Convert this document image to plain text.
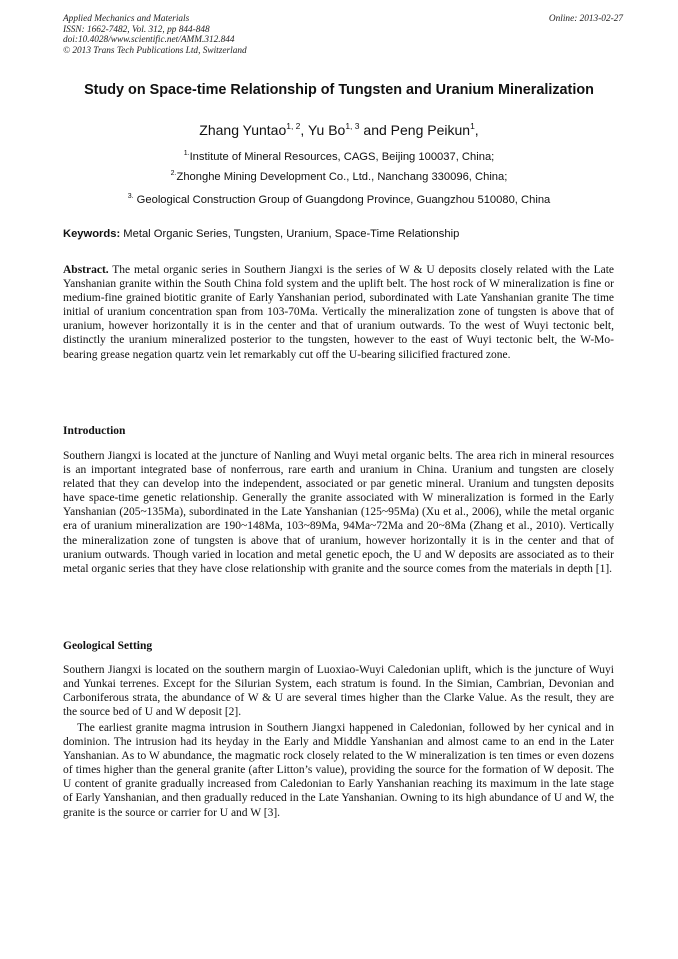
Applied Mechanics and Materials
ISSN: 1662-7482, Vol. 312, pp 844-848
doi:10.4028/www.scientific.net/AMM.312.844
© 2013 Trans Tech Publications Ltd, Switzerland
Online: 2013-02-27
Study on Space-time Relationship of Tungsten and Uranium Mineralization
Zhang Yuntao$^{1, 2}$, Yu Bo$^{1, 3}$ and Peng Peikun$^1$,
$^{1.}$Institute of Mineral Resources, CAGS, Beijing 100037, China;
$^{2.}$Zhonghe Mining Development Co., Ltd., Nanchang 330096, China;
$^{3.}$ Geological Construction Group of Guangdong Province, Guangzhou 510080, China
Keywords: Metal Organic Series, Tungsten, Uranium, Space-Time Relationship
Abstract. The metal organic series in Southern Jiangxi is the series of W & U deposits closely related with the Late Yanshanian granite within the South China fold system and the uplift belt. The host rock of W mineralization is fine or medium-fine grained biotitic granite of Early Yanshanian period, subordinated with Late Yanshanian granite The time initial of uranium concentration span from 103-70Ma. Vertically the mineralization zone of tungsten is above that of uranium, however horizontally it is in the center and that of uranium outwards. To the west of Wuyi tectonic belt, distinctly the uranium mineralized posterior to the tungsten, however to the east of Wuyi tectonic belt, the W-Mo-bearing grease negation quartz vein let remarkably cut off the U-bearing silicified fractured zone.
Introduction
Southern Jiangxi is located at the juncture of Nanling and Wuyi metal organic belts. The area rich in mineral resources is an important integrated base of nonferrous, rare earth and uranium in China. Uranium and tungsten are closely related that they can develop into the independent, associated or par genetic mineral. Uranium and tungsten deposits have space-time genetic relationship. Generally the granite associated with W mineralization is formed in the Early Yanshanian (205~135Ma), subordinated in the Late Yanshanian (125~95Ma) (Xu et al., 2006), while the metal organic era of uranium mineralization are 190~148Ma, 103~89Ma, 94Ma~72Ma and 20~8Ma (Zhang et al., 2010). Vertically the mineralization zone of tungsten is above that of uranium, however horizontally it is in the center and that of uranium outwards. Though varied in location and metal genetic epoch, the U and W deposits are associated as to their metal organic series that they have close relationship with granite and the source comes from the materials in depth [1].
Geological Setting
Southern Jiangxi is located on the southern margin of Luoxiao-Wuyi Caledonian uplift, which is the juncture of Wuyi and Yunkai terrenes. Except for the Silurian System, each stratum is found. In the Simian, Cambrian, Devonian and Carboniferous strata, the abundance of W & U are several times higher than the Clarke Value. As the result, they are the source bed of U and W deposit [2].
The earliest granite magma intrusion in Southern Jiangxi happened in Caledonian, followed by her cynical and in dominion. The intrusion had its heyday in the Early and Middle Yanshanian and almost came to an end in the Later Yanshanian. As to W abundance, the magmatic rock closely related to the W mineralization is ten times or even dozens of times higher than the general granite (after Litton’s value), providing the source for the formation of W deposit. The U content of granite gradually increased from Caledonian to Early Yanshanian reaching its maximum in the late stage of Early Yanshanian, and then gradually reduced in the Late Yanshanian. Owning to its high abundance of U and W, the granite is the source or carrier for U and W [3].
